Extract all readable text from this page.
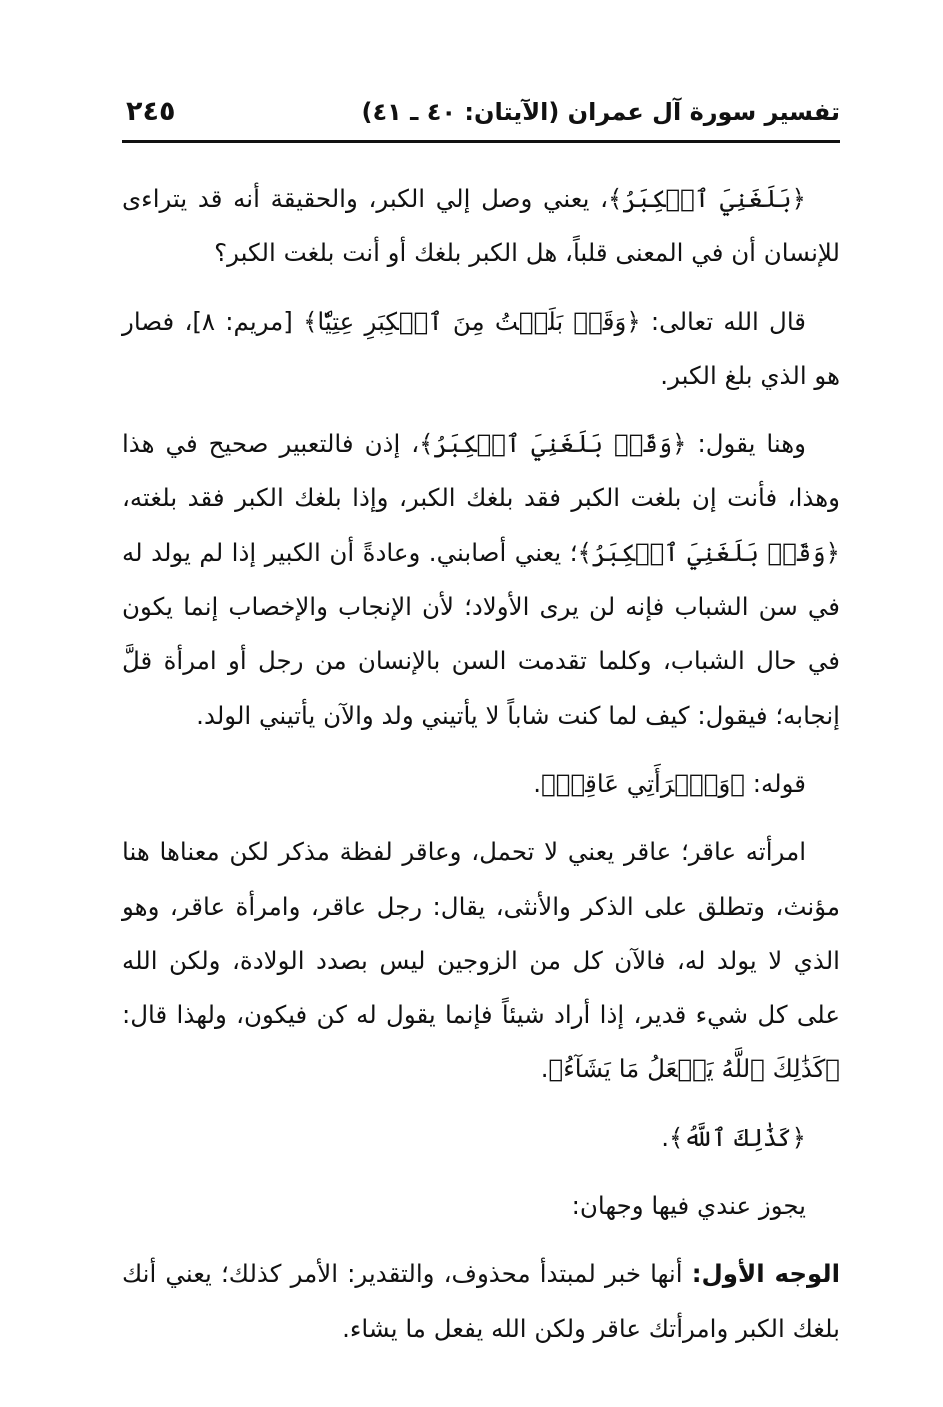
تفسير سورة آل عمران (الآيتان: ٤٠ ـ ٤١)
٢٤٥

﴿بَلَغَنِيَ ٱلۡكِبَرُ﴾، يعني وصل إلي الكبر، والحقيقة أنه قد يتراءى للإنسان أن في المعنى قلباً، هل الكبر بلغك أو أنت بلغت الكبر؟

قال الله تعالى: ﴿وَقَدۡ بَلَغۡتُ مِنَ ٱلۡكِبَرِ عِتِيّٗا﴾ [مريم: ٨]، فصار هو الذي بلغ الكبر.

وهنا يقول: ﴿وَقَدۡ بَلَغَنِيَ ٱلۡكِبَرُ﴾، إذن فالتعبير صحيح في هذا وهذا، فأنت إن بلغت الكبر فقد بلغك الكبر، وإذا بلغك الكبر فقد بلغته، ﴿وَقَدۡ بَلَغَنِيَ ٱلۡكِبَرُ﴾؛ يعني أصابني. وعادةً أن الكبير إذا لم يولد له في سن الشباب فإنه لن يرى الأولاد؛ لأن الإنجاب والإخصاب إنما يكون في حال الشباب، وكلما تقدمت السن بالإنسان من رجل أو امرأة قلَّ إنجابه؛ فيقول: كيف لما كنت شاباً لا يأتيني ولد والآن يأتيني الولد.

قوله: ﴿وَٱمۡرَأَتِي عَاقِرٞ﴾.

امرأته عاقر؛ عاقر يعني لا تحمل، وعاقر لفظة مذكر لكن معناها هنا مؤنث، وتطلق على الذكر والأنثى، يقال: رجل عاقر، وامرأة عاقر، وهو الذي لا يولد له، فالآن كل من الزوجين ليس بصدد الولادة، ولكن الله على كل شيء قدير، إذا أراد شيئاً فإنما يقول له كن فيكون، ولهذا قال: ﴿كَذَٰلِكَ ٱللَّهُ يَفۡعَلُ مَا يَشَآءُ﴾.

﴿كَذَٰلِكَ ٱللَّهُ﴾.

يجوز عندي فيها وجهان:

الوجه الأول: أنها خبر لمبتدأ محذوف، والتقدير: الأمر كذلك؛ يعني أنك بلغك الكبر وامرأتك عاقر ولكن الله يفعل ما يشاء.
